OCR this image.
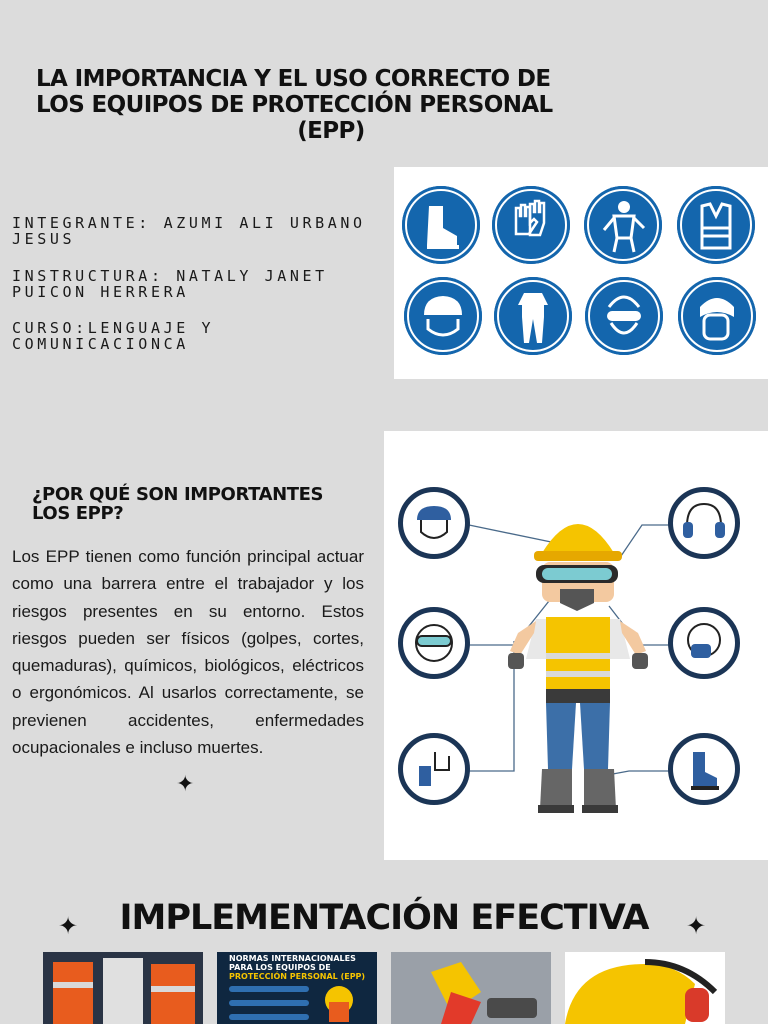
LA IMPORTANCIA Y EL USO CORRECTO DE
LOS EQUIPOS DE PROTECCIÓN PERSONAL
(EPP)
INTEGRANTE: AZUMI ALI URBANO JESUS
INSTRUCTURA: NATALY JANET PUICON HERRERA
CURSO:LENGUAJE Y COMUNICACIONCA
¿POR QUÉ SON IMPORTANTES LOS EPP?
Los EPP tienen como función principal actuar como una barrera entre el trabajador y los riesgos presentes en su entorno. Estos riesgos pueden ser físicos (golpes, cortes, quemaduras), químicos, biológicos, eléctricos o ergonómicos. Al usarlos correctamente, se previenen accidentes, enfermedades ocupacionales e incluso muertes.
✦
✦	IMPLEMENTACIÓN EFECTIVA	✦
NORMAS INTERNACIONALES
PARA LOS EQUIPOS DE
PROTECCIÓN PERSONAL (EPP)
